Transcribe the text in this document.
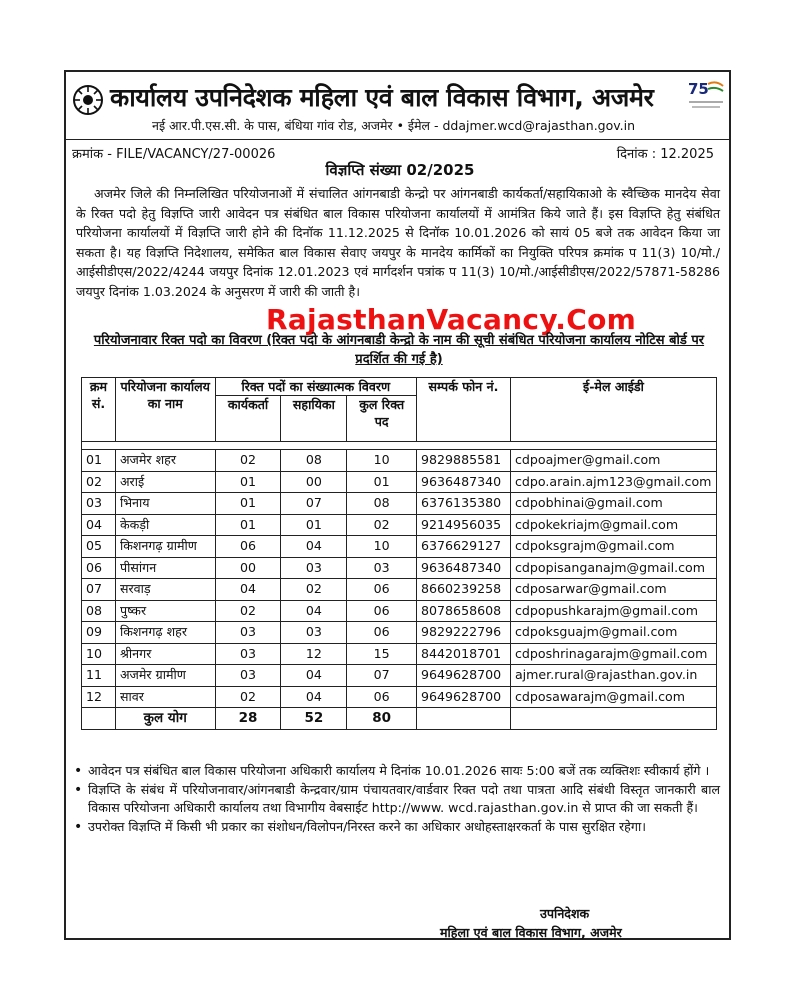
75
कार्यालय उपनिदेशक महिला एवं बाल विकास विभाग, अजमेर
नई आर.पी.एस.सी. के पास, बंधिया गांव रोड, अजमेर • ईमेल - ddajmer.wcd@rajasthan.gov.in
क्रमांक - FILE/VACANCY/27-00026	दिनांक : 12.2025
विज्ञप्ति संख्या 02/2025

अजमेर जिले की निम्नलिखित परियोजनाओं में संचालित आंगनबाडी केन्द्रो पर आंगनबाडी कार्यकर्ता/सहायिकाओ के स्वैच्छिक मानदेय सेवा के रिक्त पदो हेतु विज्ञप्ति जारी आवेदन पत्र संबंधित बाल विकास परियोजना कार्यालयों में आमंत्रित किये जाते हैं। इस विज्ञप्ति हेतु संबंधित परियोजना कार्यालयों में विज्ञप्ति जारी होने की दिनॉक 11.12.2025 से दिनॉक 10.01.2026 को सायं 05 बजे तक आवेदन किया जा सकता है। यह विज्ञप्ति निदेशालय, समेकित बाल विकास सेवाए जयपुर के मानदेय कार्मिकों का नियुक्ति परिपत्र क्रमांक प 11(3) 10/मो./आईसीडीएस/2022/4244 जयपुर दिनांक 12.01.2023 एवं मार्गदर्शन पत्रांक प 11(3) 10/मो./आईसीडीएस/2022/57871-58286 जयपुर दिनांक 1.03.2024 के अनुसरण में जारी की जाती है।

RajasthanVacancy.Com
परियोजनावार रिक्त पदो का विवरण (रिक्त पदो के आंगनबाडी केन्द्रो के नाम की सूची संबंधित परियोजना कार्यालय नोटिस बोर्ड पर प्रदर्शित की गई है)
क्रम सं.	परियोजना कार्यालय का नाम	रिक्त पदों का संख्यात्मक विवरण			सम्पर्क फोन नं.	ई-मेल आईडी
		कार्यकर्ता	सहायिका	कुल रिक्त पद		

01	अजमेर शहर	02	08	10	9829885581	cdpoajmer@gmail.com
02	अराई	01	00	01	9636487340	cdpo.arain.ajm123@gmail.com
03	भिनाय	01	07	08	6376135380	cdpobhinai@gmail.com
04	केकड़ी	01	01	02	9214956035	cdpokekriajm@gmail.com
05	किशनगढ़ ग्रामीण	06	04	10	6376629127	cdpoksgrajm@gmail.com
06	पीसांगन	00	03	03	9636487340	cdpopisanganajm@gmail.com
07	सरवाड़	04	02	06	8660239258	cdposarwar@gmail.com
08	पुष्कर	02	04	06	8078658608	cdpopushkarajm@gmail.com
09	किशनगढ़ शहर	03	03	06	9829222796	cdpoksguajm@gmail.com
10	श्रीनगर	03	12	15	8442018701	cdposhrinagarajm@gmail.com
11	अजमेर ग्रामीण	03	04	07	9649628700	ajmer.rural@rajasthan.gov.in
12	सावर	02	04	06	9649628700	cdposawarajm@gmail.com
	कुल योग	28	52	80		
• आवेदन पत्र संबंधित बाल विकास परियोजना अधिकारी कार्यालय मे दिनांक 10.01.2026 सायः 5:00 बजें तक व्यक्तिशः स्वीकार्य होंगे ।
• विज्ञप्ति के संबंध में परियोजनावार/आंगनबाडी केन्द्रवार/ग्राम पंचायतवार/वार्डवार रिक्त पदो तथा पात्रता आदि संबंधी विस्तृत जानकारी बाल विकास परियोजना अधिकारी कार्यालय तथा विभागीय वेबसाईट http://www. wcd.rajasthan.gov.in से प्राप्त की जा सकती हैं।
• उपरोक्त विज्ञप्ति में किसी भी प्रकार का संशोधन/विलोपन/निरस्त करने का अधिकार अधोहस्ताक्षरकर्ता के पास सुरक्षित रहेगा।
उपनिदेशक
महिला एवं बाल विकास विभाग, अजमेर
